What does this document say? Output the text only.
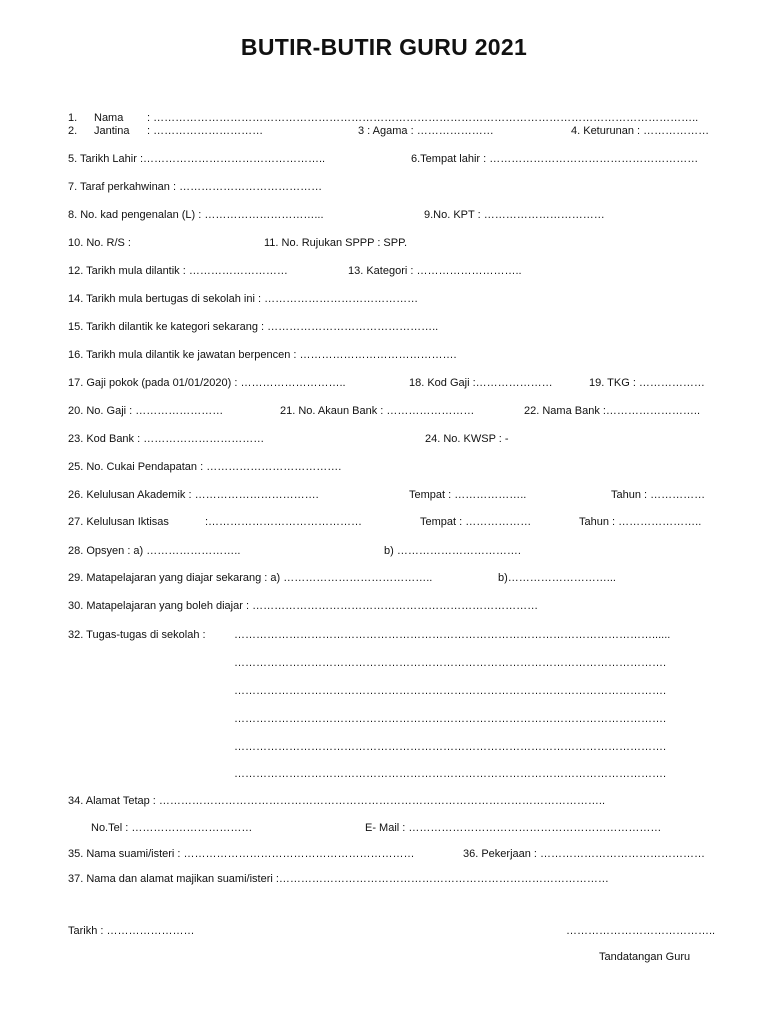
BUTIR-BUTIR GURU 2021
1. Nama : …………………………………………………………………………………………………………………………………..
2. Jantina : …………………………	3 : Agama : …………………	4. Keturunan : ………………
5. Tarikh Lahir :…………………………………………..	6.Tempat lahir : …………………………………………………
7. Taraf perkahwinan : …………………………………
8. No. kad pengenalan (L) : …………………………...	9.No. KPT : ……………………………
10. No. R/S :	11. No. Rujukan SPPP : SPP.
12. Tarikh mula dilantik : ………………………	13. Kategori : ………………………..
14. Tarikh mula bertugas di sekolah ini : ……………………………………
15. Tarikh dilantik ke kategori sekarang : ………………………………………..
16. Tarikh mula dilantik ke jawatan berpencen : …………………………………….
17. Gaji pokok (pada 01/01/2020) : ………………………..	18. Kod Gaji :…………………	19. TKG : ………………
20. No. Gaji : ……………………	21. No. Akaun Bank : ……………………	22. Nama Bank :……………………..
23. Kod Bank : ……………………………	24. No. KWSP : -
25. No. Cukai Pendapatan : ……………………………….
26. Kelulusan Akademik : …………………………….	Tempat : ………………..	Tahun : ……………
27. Kelulusan Iktisas	:……………………………………	Tempat : ………………	Tahun : …………………..
28. Opsyen : a) ……………………..	b) …………………………….
29. Matapelajaran yang diajar sekarang : a) …………………………………..	b)………………………...
30. Matapelajaran yang boleh diajar : ……………………………………………………………………
32. Tugas-tugas di sekolah :	……………………………………………………………………………………………………......
……………………………………………………………………………………………………….
……………………………………………………………………………………………………….
……………………………………………………………………………………………………….
……………………………………………………………………………………………………….
……………………………………………………………………………………………………….
34. Alamat Tetap : …………………………………………………………………………………………………………..
No.Tel : ……………………………	E- Mail : ……………………………………………………………
35. Nama suami/isteri : ………………………………………………………	36. Pekerjaan : ………………………………………
37. Nama dan alamat majikan suami/isteri :………………………………………………………………………………
Tarikh : ……………………	…………………………………..
Tandatangan Guru
